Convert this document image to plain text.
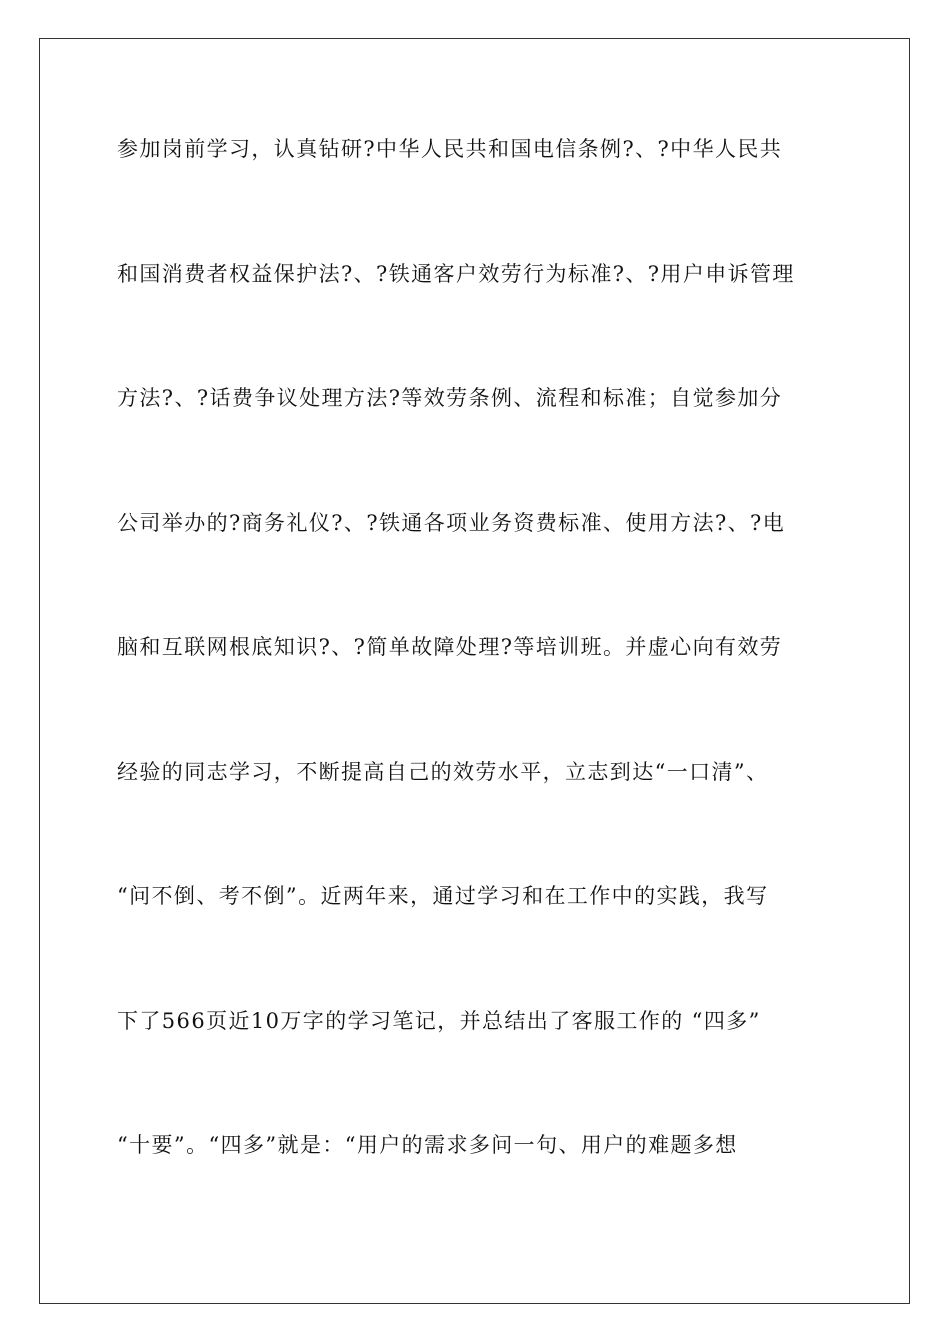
参加岗前学习，认真钻研?中华人民共和国电信条例?、?中华人民共
和国消费者权益保护法?、?铁通客户效劳行为标准?、?用户申诉管理
方法?、?话费争议处理方法?等效劳条例、流程和标准；自觉参加分
公司举办的?商务礼仪?、?铁通各项业务资费标准、使用方法?、?电
脑和互联网根底知识?、?简单故障处理?等培训班。并虚心向有效劳
经验的同志学习，不断提高自己的效劳水平，立志到达“一口清”、
“问不倒、考不倒”。近两年来，通过学习和在工作中的实践，我写
下了566页近10万字的学习笔记，并总结出了客服工作的 “四多”
“十要”。“四多”就是：“用户的需求多问一句、用户的难题多想
